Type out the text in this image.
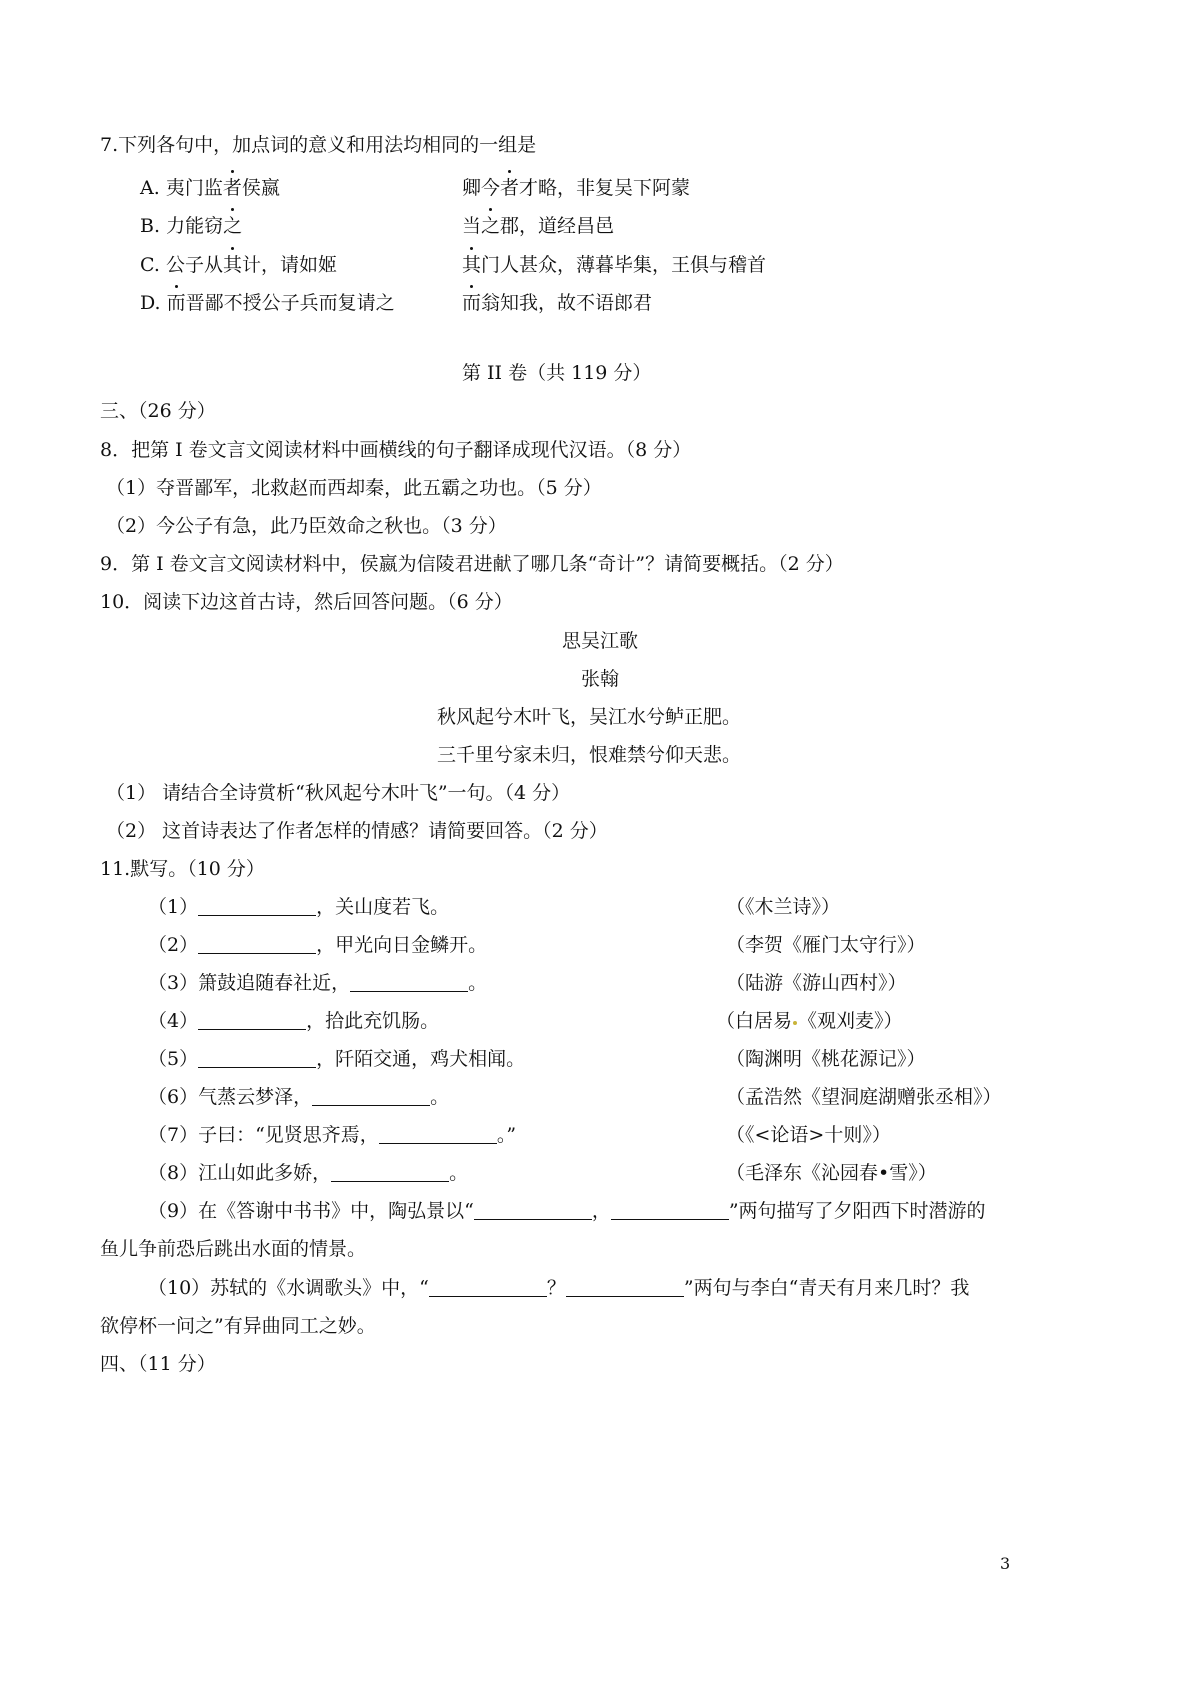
7.下列各句中，加点词的意义和用法均相同的一组是
A. 夷门监者侯嬴	卿今者才略，非复吴下阿蒙
B. 力能窃之	当之郡，道经昌邑
C. 公子从其计，请如姬	其门人甚众，薄暮毕集，王俱与稽首
D. 而晋鄙不授公子兵而复请之	而翁知我，故不语郎君
第 II 卷（共 119 分）
三、（26 分）
8．把第 I 卷文言文阅读材料中画横线的句子翻译成现代汉语。（8 分）
（1）夺晋鄙军，北救赵而西却秦，此五霸之功也。（5 分）
（2）今公子有急，此乃臣效命之秋也。（3 分）
9．第 I 卷文言文阅读材料中，侯嬴为信陵君进献了哪几条“奇计”？请简要概括。（2 分）
10．阅读下边这首古诗，然后回答问题。（6 分）
思吴江歌
张翰
秋风起兮木叶飞，吴江水兮鲈正肥。
三千里兮家未归，恨难禁兮仰天悲。
（1） 请结合全诗赏析“秋风起兮木叶飞”一句。（4 分）
（2） 这首诗表达了作者怎样的情感？请简要回答。（2 分）
11.默写。（10 分）
（1）	，关山度若飞。	（《木兰诗》）
（2）	，甲光向日金鳞开。	（李贺《雁门太守行》）
（3）箫鼓追随春社近，	。	（陆游《游山西村》）
（4）	，拾此充饥肠。	（白居易 《观刈麦》）
（5）	，阡陌交通，鸡犬相闻。	（陶渊明《桃花源记》）
（6）气蒸云梦泽，	。	（孟浩然《望洞庭湖赠张丞相》）
（7）子曰：“见贤思齐焉，	。”	（《<论语>十则》）
（8）江山如此多娇，	。	（毛泽东《沁园春•雪》）
（9）在《答谢中书书》中，陶弘景以“	，	”两句描写了夕阳西下时潜游的
鱼儿争前恐后跳出水面的情景。
（10）苏轼的《水调歌头》中，“	？	”两句与李白“青天有月来几时？我
欲停杯一问之”有异曲同工之妙。
四、（11 分）
3
